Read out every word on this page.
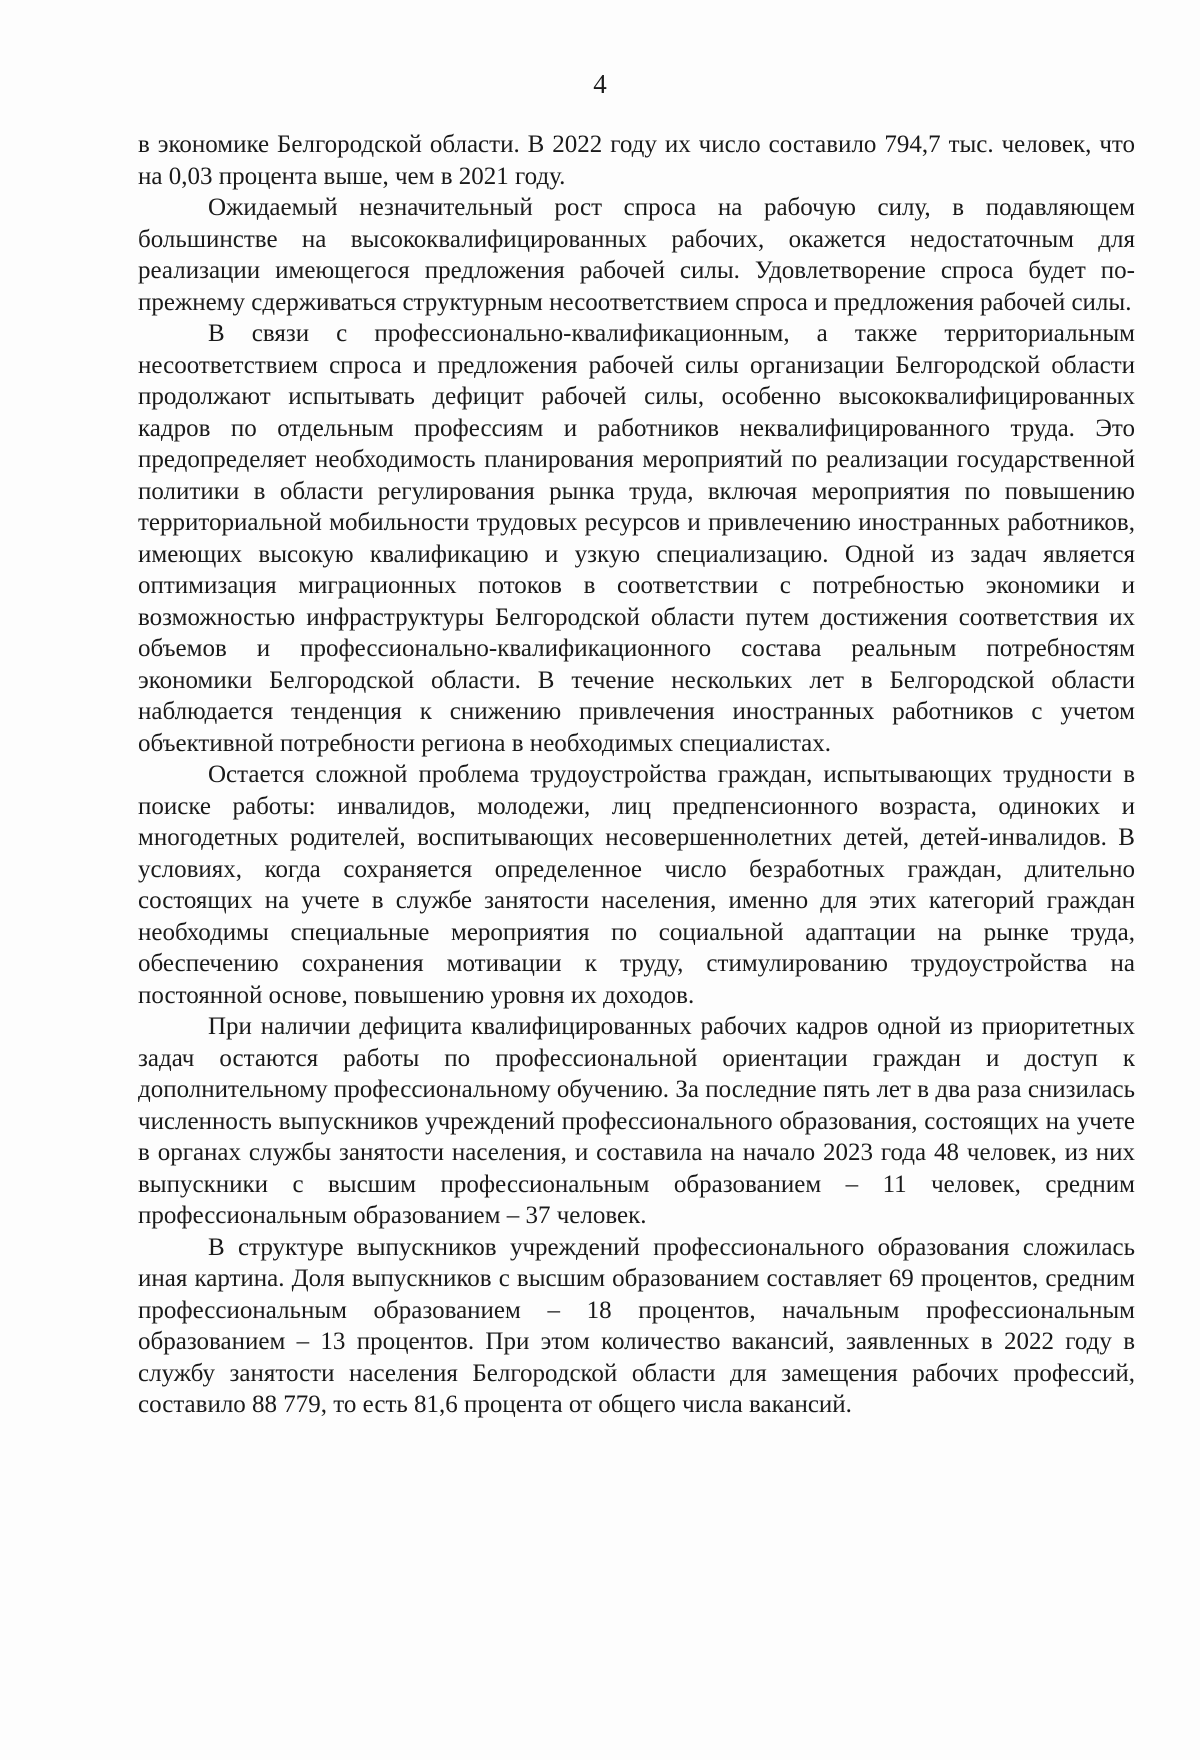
4

в экономике Белгородской области. В 2022 году их число составило 794,7 тыс. человек, что на 0,03 процента выше, чем в 2021 году.

Ожидаемый незначительный рост спроса на рабочую силу, в подавляющем большинстве на высококвалифицированных рабочих, окажется недостаточным для реализации имеющегося предложения рабочей силы. Удовлетворение спроса будет по-прежнему сдерживаться структурным несоответствием спроса и предложения рабочей силы.

В связи с профессионально-квалификационным, а также территориальным несоответствием спроса и предложения рабочей силы организации Белгородской области продолжают испытывать дефицит рабочей силы, особенно высококвалифицированных кадров по отдельным профессиям и работников неквалифицированного труда. Это предопределяет необходимость планирования мероприятий по реализации государственной политики в области регулирования рынка труда, включая мероприятия по повышению территориальной мобильности трудовых ресурсов и привлечению иностранных работников, имеющих высокую квалификацию и узкую специализацию. Одной из задач является оптимизация миграционных потоков в соответствии с потребностью экономики и возможностью инфраструктуры Белгородской области путем достижения соответствия их объемов и профессионально-квалификационного состава реальным потребностям экономики Белгородской области. В течение нескольких лет в Белгородской области наблюдается тенденция к снижению привлечения иностранных работников с учетом объективной потребности региона в необходимых специалистах.

Остается сложной проблема трудоустройства граждан, испытывающих трудности в поиске работы: инвалидов, молодежи, лиц предпенсионного возраста, одиноких и многодетных родителей, воспитывающих несовершеннолетних детей, детей-инвалидов. В условиях, когда сохраняется определенное число безработных граждан, длительно состоящих на учете в службе занятости населения, именно для этих категорий граждан необходимы специальные мероприятия по социальной адаптации на рынке труда, обеспечению сохранения мотивации к труду, стимулированию трудоустройства на постоянной основе, повышению уровня их доходов.

При наличии дефицита квалифицированных рабочих кадров одной из приоритетных задач остаются работы по профессиональной ориентации граждан и доступ к дополнительному профессиональному обучению. За последние пять лет в два раза снизилась численность выпускников учреждений профессионального образования, состоящих на учете в органах службы занятости населения, и составила на начало 2023 года 48 человек, из них выпускники с высшим профессиональным образованием – 11 человек, средним профессиональным образованием – 37 человек.

В структуре выпускников учреждений профессионального образования сложилась иная картина. Доля выпускников с высшим образованием составляет 69 процентов, средним профессиональным образованием – 18 процентов, начальным профессиональным образованием – 13 процентов. При этом количество вакансий, заявленных в 2022 году в службу занятости населения Белгородской области для замещения рабочих профессий, составило 88 779, то есть 81,6 процента от общего числа вакансий.
